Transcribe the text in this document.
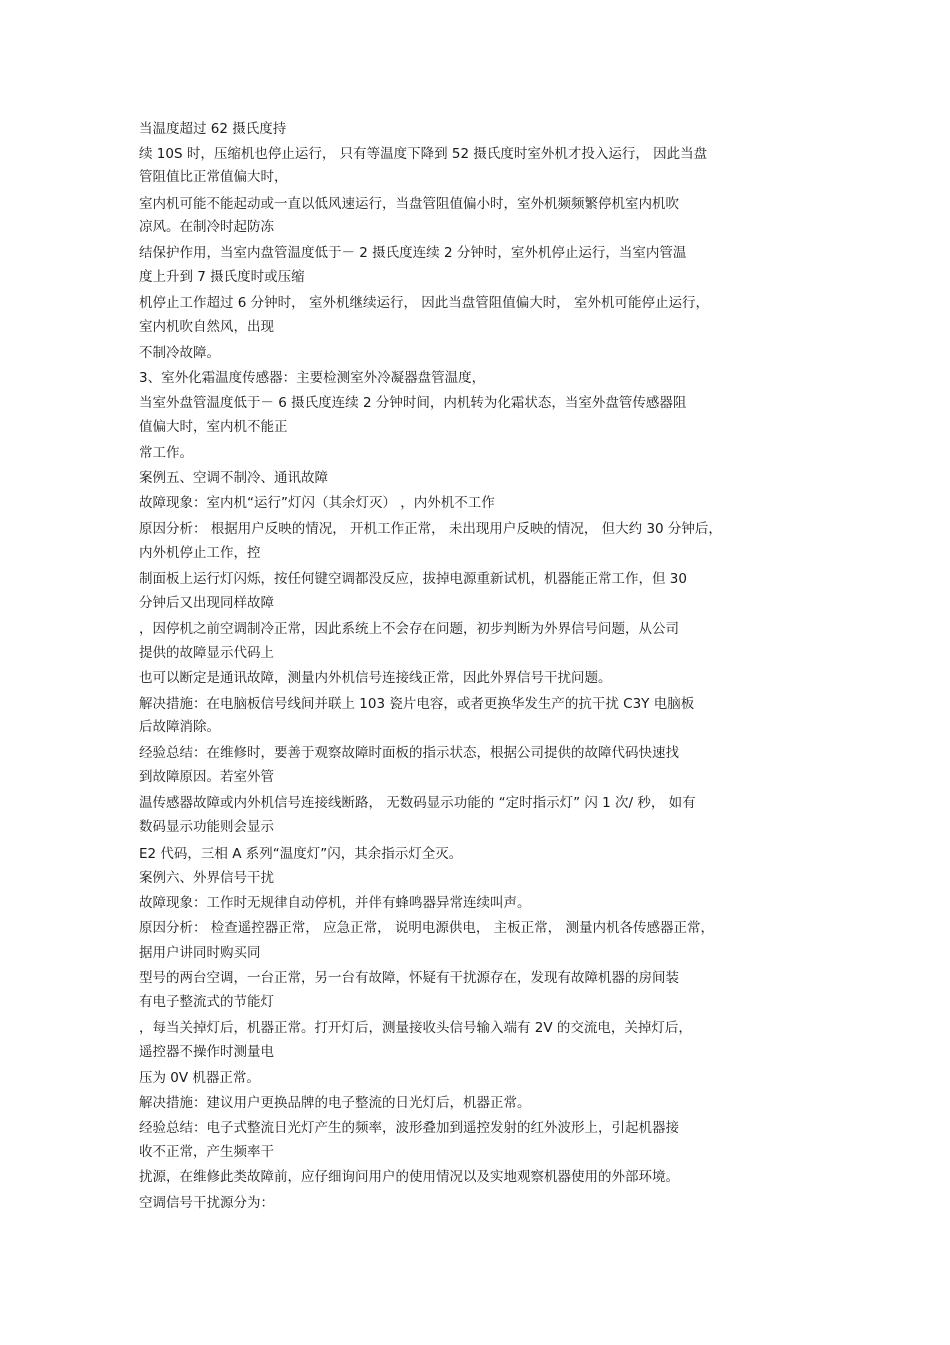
当温度超过 62 摄氏度持
续 10S 时，压缩机也停止运行， 只有等温度下降到 52 摄氏度时室外机才投入运行， 因此当盘
管阻值比正常值偏大时，
室内机可能不能起动或一直以低风速运行，当盘管阻值偏小时，室外机频频繁停机室内机吹
凉风。在制冷时起防冻
结保护作用，当室内盘管温度低于－ 2 摄氏度连续 2 分钟时，室外机停止运行，当室内管温
度上升到 7 摄氏度时或压缩
机停止工作超过 6 分钟时， 室外机继续运行， 因此当盘管阻值偏大时， 室外机可能停止运行，
室内机吹自然风，出现
不制冷故障。
3、室外化霜温度传感器：主要检测室外冷凝器盘管温度，
当室外盘管温度低于－ 6 摄氏度连续 2 分钟时间，内机转为化霜状态，当室外盘管传感器阻
值偏大时，室内机不能正
常工作。
案例五、空调不制冷、通讯故障
故障现象：室内机“运行”灯闪（其余灯灭） ，内外机不工作
原因分析： 根据用户反映的情况， 开机工作正常， 未出现用户反映的情况， 但大约 30 分钟后，
内外机停止工作，控
制面板上运行灯闪烁，按任何键空调都没反应，拔掉电源重新试机，机器能正常工作，但 30
分钟后又出现同样故障
，因停机之前空调制冷正常，因此系统上不会存在问题，初步判断为外界信号问题，从公司
提供的故障显示代码上
也可以断定是通讯故障，测量内外机信号连接线正常，因此外界信号干扰问题。
解决措施：在电脑板信号线间并联上 103 瓷片电容，或者更换华发生产的抗干扰 C3Y 电脑板
后故障消除。
经验总结：在维修时，要善于观察故障时面板的指示状态，根据公司提供的故障代码快速找
到故障原因。若室外管
温传感器故障或内外机信号连接线断路， 无数码显示功能的 “定时指示灯” 闪 1 次/ 秒， 如有
数码显示功能则会显示
E2 代码，三相 A 系列“温度灯”闪，其余指示灯全灭。
案例六、外界信号干扰
故障现象：工作时无规律自动停机，并伴有蜂鸣器异常连续叫声。
原因分析： 检查遥控器正常， 应急正常， 说明电源供电， 主板正常， 测量内机各传感器正常，
据用户讲同时购买同
型号的两台空调，一台正常，另一台有故障，怀疑有干扰源存在，发现有故障机器的房间装
有电子整流式的节能灯
，每当关掉灯后，机器正常。打开灯后，测量接收头信号输入端有 2V 的交流电，关掉灯后，
遥控器不操作时测量电
压为 0V 机器正常。
解决措施：建议用户更换品牌的电子整流的日光灯后，机器正常。
经验总结：电子式整流日光灯产生的频率，波形叠加到遥控发射的红外波形上，引起机器接
收不正常，产生频率干
扰源，在维修此类故障前，应仔细询问用户的使用情况以及实地观察机器使用的外部环境。
空调信号干扰源分为：
